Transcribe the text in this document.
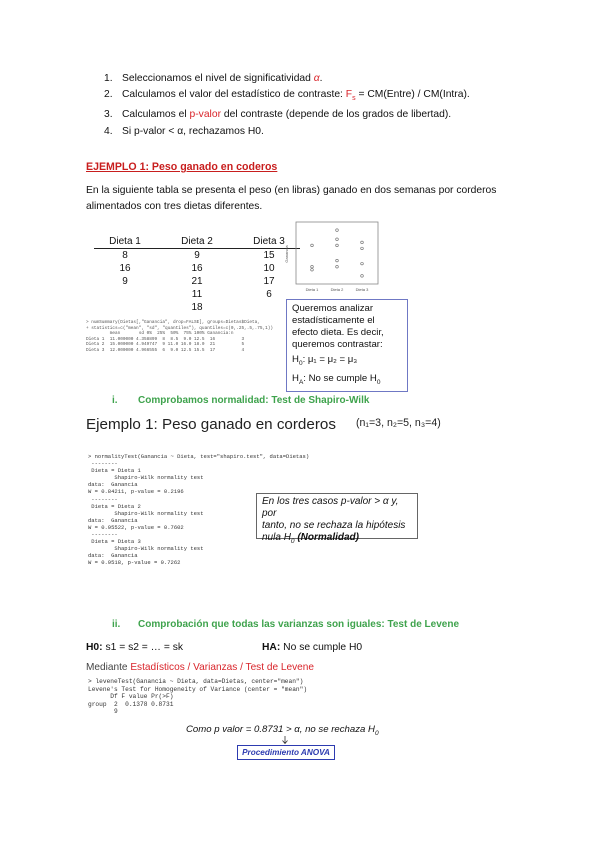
1. Seleccionamos el nivel de significatividad α.
2. Calculamos el valor del estadístico de contraste: $F_s$ = CM(Entre) / CM(Intra).
3. Calculamos el p-valor del contraste (depende de los grados de libertad).
4. Si p-valor < α, rechazamos H0.
EJEMPLO 1: Peso ganado en coderos
En la siguiente tabla se presenta el peso (en libras) ganado en dos semanas por corderos alimentados con tres dietas diferentes.
Dieta 1		Dieta 2		Dieta 3
8		9		15
16		16		10
9		21		17
		11		6
		18		
Ganancia
Dieta 1	Dieta 2	Dieta 3
> numSummary(Dietas[,"Ganancia", drop=FALSE], groups=Dietas$Dieta,
+ statistics=c("mean", "sd", "quantiles"), quantiles=c(0,.25,.5,.75,1))
mean       sd 0%  25%  50%  75% 100% Ganancia:n
Dieta 1  11.000000 4.358899  8  8.5  9.0 12.5  16          3
Dieta 2  15.000000 4.949747  9 11.0 16.0 18.0  21          5
Dieta 3  12.000000 4.966555  6  9.0 12.5 15.5  17          4
Queremos analizar
estadísticamente el
efecto dieta. Es decir,
queremos contrastar:
$H_0$: μ₁ = μ₂ = μ₃
$H_A$: No se cumple $H_0$
i. Comprobamos normalidad: Test de Shapiro-Wilk
Ejemplo 1: Peso ganado en corderos (n₁=3, n₂=5, n₃=4)
> normalityTest(Ganancia ~ Dieta, test="shapiro.test", data=Dietas)
--------
Dieta = Dieta 1
Shapiro-Wilk normality test
data:  Ganancia
W = 0.84211, p-value = 0.2196
--------
Dieta = Dieta 2
Shapiro-Wilk normality test
data:  Ganancia
W = 0.95522, p-value = 0.7602
--------
Dieta = Dieta 3
Shapiro-Wilk normality test
data:  Ganancia
W = 0.9518, p-value = 0.7262
En los tres casos p-valor > α y, por
tanto, no se rechaza la hipótesis
nula $H_0$ (Normalidad)
ii. Comprobación que todas las varianzas son iguales: Test de Levene
H0: s1 = s2 = … = sk	HA: No se cumple H0
Mediante Estadísticos / Varianzas / Test de Levene
> leveneTest(Ganancia ~ Dieta, data=Dietas, center="mean")
Levene's Test for Homogeneity of Variance (center = "mean")
Df F value Pr(>F)
group  2  0.1378 0.8731
9
Como p valor = 0.8731 > α, no se rechaza $H_0$
Procedimiento ANOVA
